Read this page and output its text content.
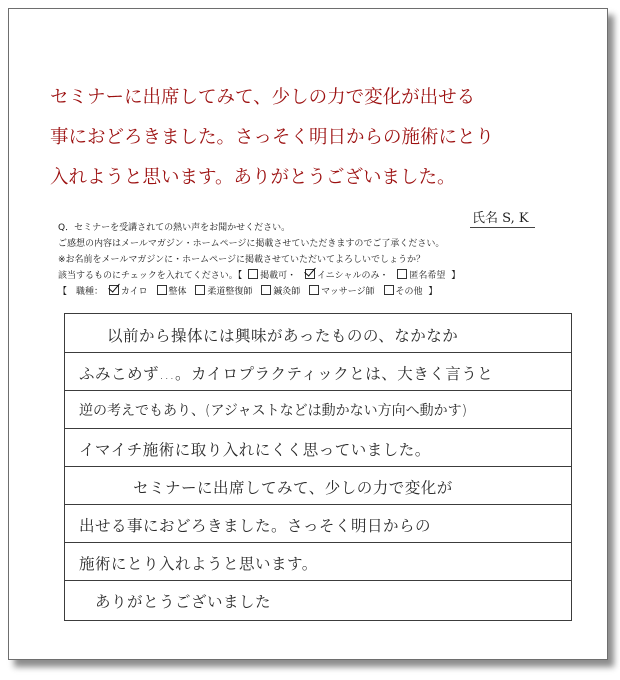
セミナーに出席してみて、少しの力で変化が出せる
事におどろきました。さっそく明日からの施術にとり
入れようと思います。ありがとうございました。

氏名 S, K
Q．セミナーを受講されての熱い声をお聞かせください。
ご感想の内容はメールマガジン・ホームページに掲載させていただきますのでご了承ください。
※お名前をメールマガジンに・ホームページに掲載させていただいてよろしいでしょうか？
該当するものにチェックを入れてください。【 掲載可・ イニシャルのみ・ 匿名希望 】
【　職種： カイロ 整体 柔道整復師 鍼灸師 マッサージ師 その他 】
以前から操体には興味があったものの、なかなか
ふみこめず…。カイロプラクティックとは、大きく言うと
逆の考えでもあり、(アジャストなどは動かない方向へ動かす)
イマイチ施術に取り入れにくく思っていました。
セミナーに出席してみて、少しの力で変化が
出せる事におどろきました。さっそく明日からの
施術にとり入れようと思います。
ありがとうございました
